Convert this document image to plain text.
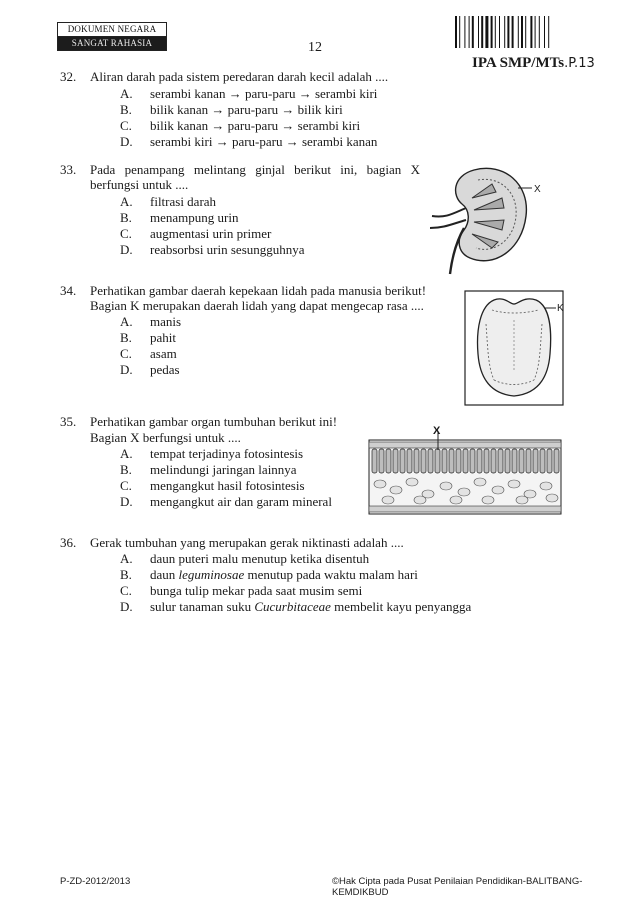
DOKUMEN NEGARA
SANGAT RAHASIA	12
IPA SMP/MTs.P.13
32. Aliran darah pada sistem peredaran darah kecil adalah ....
A. serambi kanan → paru-paru → serambi kiri
B. bilik kanan → paru-paru → bilik kiri
C. bilik kanan → paru-paru → serambi kiri
D. serambi kiri → paru-paru → serambi kanan
33. Pada penampang melintang ginjal berikut ini, bagian X
berfungsi untuk ....
A. filtrasi darah
B. menampung urin
C. augmentasi urin primer
D. reabsorbsi urin sesungguhnya
X
34. Perhatikan gambar daerah kepekaan lidah pada manusia berikut!
Bagian K merupakan daerah lidah yang dapat mengecap rasa ....
A. manis
B. pahit
C. asam
D. pedas
K
35. Perhatikan gambar organ tumbuhan berikut ini!
Bagian X berfungsi untuk ....
A. tempat terjadinya fotosintesis
B. melindungi jaringan lainnya
C. mengangkut hasil fotosintesis
D. mengangkut air dan garam mineral
X
36. Gerak tumbuhan yang merupakan gerak niktinasti adalah ....
A. daun puteri malu menutup ketika disentuh
B. daun leguminosae menutup pada waktu malam hari
C. bunga tulip mekar pada saat musim semi
D. sulur tanaman suku Cucurbitaceae membelit kayu penyangga
P-ZD-2012/2013	©Hak Cipta pada Pusat Penilaian Pendidikan-BALITBANG-KEMDIKBUD
